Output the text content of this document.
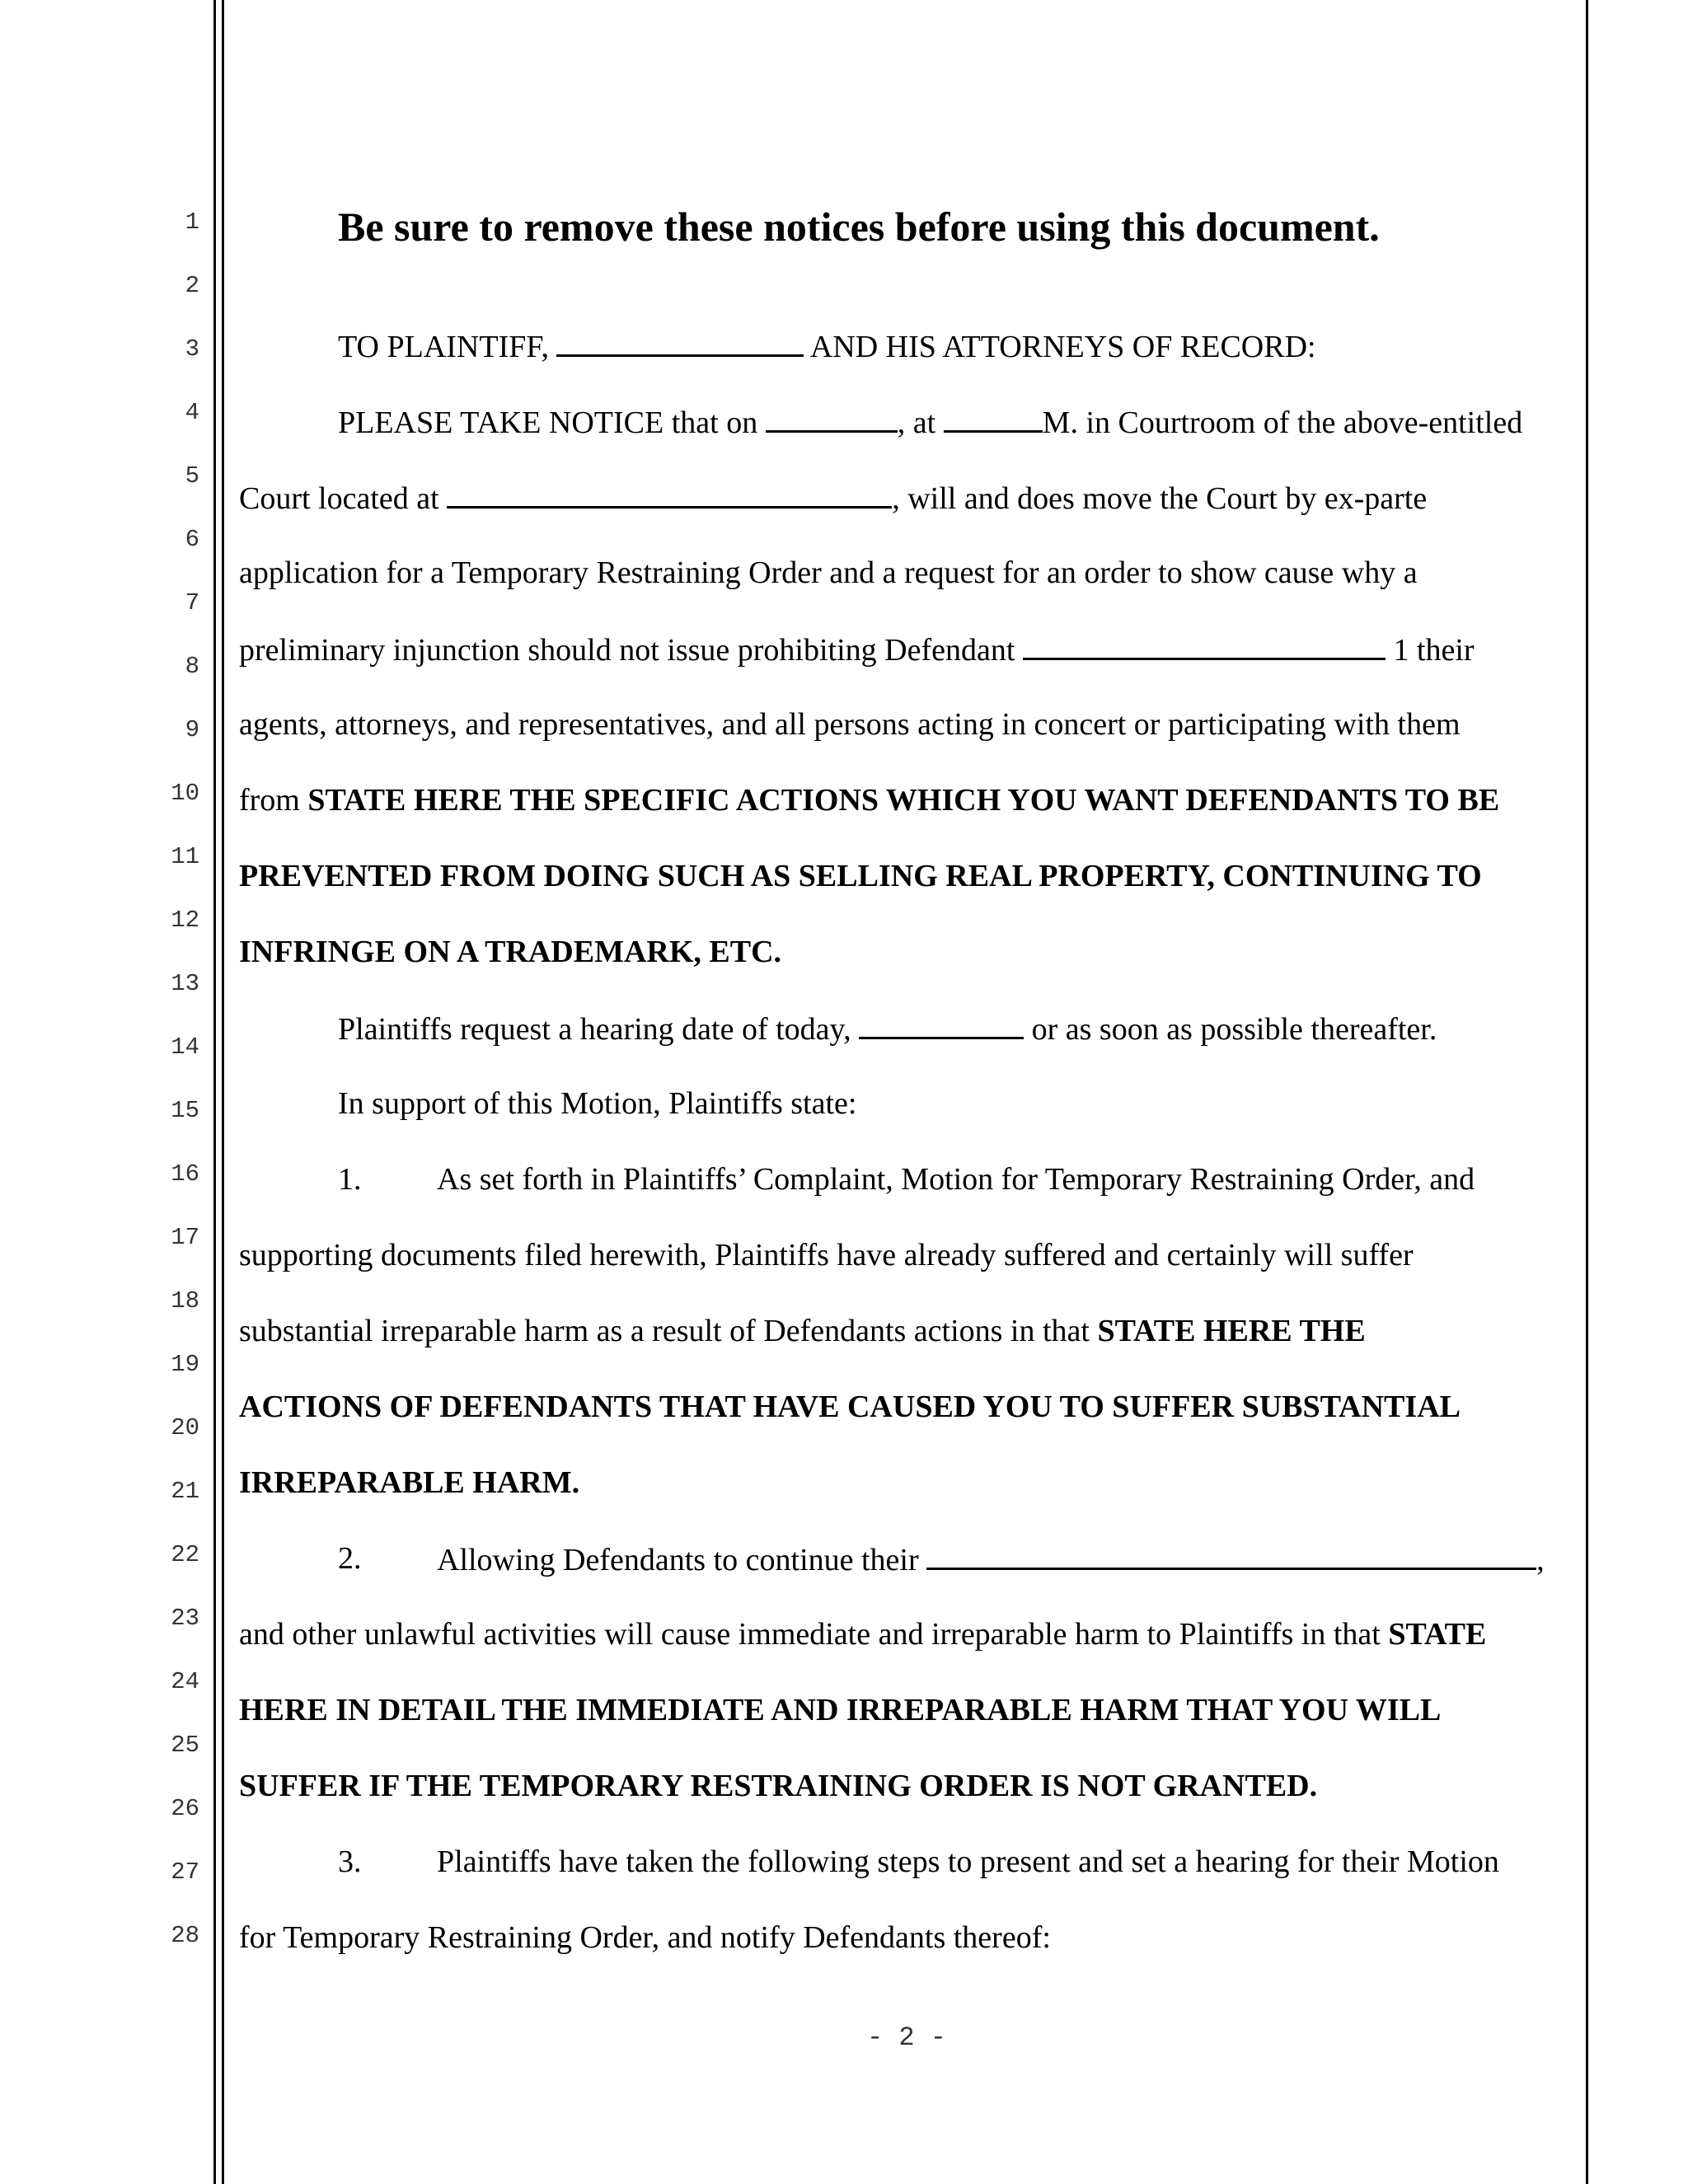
1
2
3
4
5
6
7
8
9
10
11
12
13
14
15
16
17
18
19
20
21
22
23
24
25
26
27
28
Be sure to remove these notices before using this document.
TO PLAINTIFF,	AND HIS ATTORNEYS OF RECORD:
PLEASE TAKE NOTICE that on	, at	M. in Courtroom of the above-entitled
Court located at	, will and does move the Court by ex-parte
application for a Temporary Restraining Order and a request for an order to show cause why a
preliminary injunction should not issue prohibiting Defendant	1 their
agents, attorneys, and representatives, and all persons acting in concert or participating with them
from STATE HERE THE SPECIFIC ACTIONS WHICH YOU WANT DEFENDANTS TO BE
PREVENTED FROM DOING SUCH AS SELLING REAL PROPERTY, CONTINUING TO
INFRINGE ON A TRADEMARK, ETC.
Plaintiffs request a hearing date of today,	or as soon as possible thereafter.
In support of this Motion, Plaintiffs state:
1. As set forth in Plaintiffs’ Complaint, Motion for Temporary Restraining Order, and
supporting documents filed herewith, Plaintiffs have already suffered and certainly will suffer
substantial irreparable harm as a result of Defendants actions in that STATE HERE THE
ACTIONS OF DEFENDANTS THAT HAVE CAUSED YOU TO SUFFER SUBSTANTIAL
IRREPARABLE HARM.
2. Allowing Defendants to continue their	,
and other unlawful activities will cause immediate and irreparable harm to Plaintiffs in that STATE
HERE IN DETAIL THE IMMEDIATE AND IRREPARABLE HARM THAT YOU WILL
SUFFER IF THE TEMPORARY RESTRAINING ORDER IS NOT GRANTED.
3. Plaintiffs have taken the following steps to present and set a hearing for their Motion
for Temporary Restraining Order, and notify Defendants thereof:
- 2 -
